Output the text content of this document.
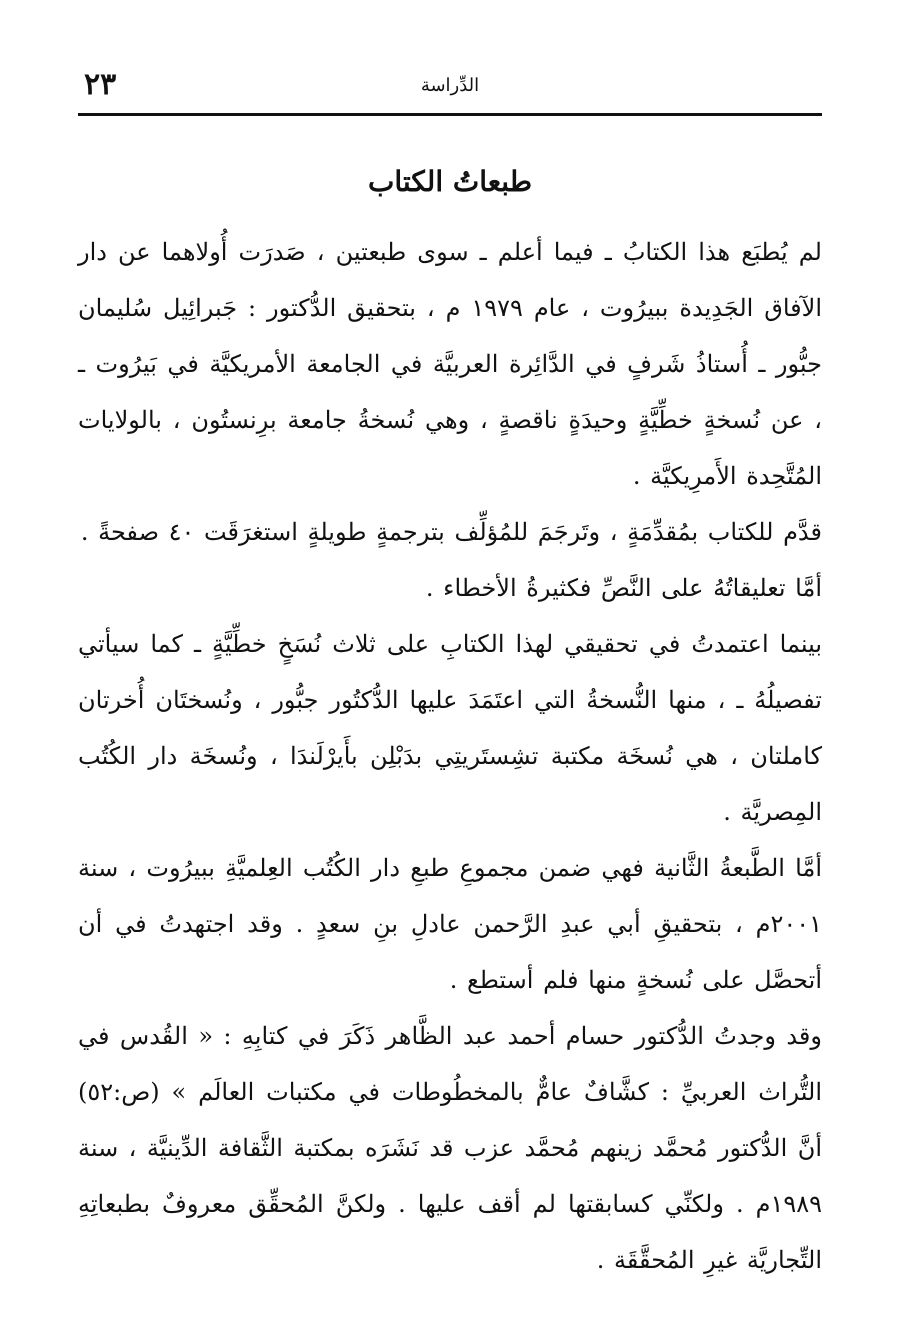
٢٣	الدِّراسة
طبعاتُ الكتاب

لم يُطبَع هذا الكتابُ ـ فيما أعلم ـ سوى طبعتين ، صَدرَت أُولاهما عن دار الآفاق الجَدِيدة ببيرُوت ، عام ١٩٧٩ م ، بتحقيق الدُّكتور : جَبرائِيل سُليمان جبُّور ـ أُستاذُ شَرفٍ في الدَّائِرة العربيَّة في الجامعة الأمريكيَّة في بَيرُوت ـ ، عن نُسخةٍ خطِّيَّةٍ وحيدَةٍ ناقصةٍ ، وهي نُسخةُ جامعة برِنستُون ، بالولايات المُتَّحِدة الأَمرِيكيَّة .

قدَّم للكتاب بمُقدِّمَةٍ ، وتَرجَمَ للمُؤلِّف بترجمةٍ طويلةٍ استغرَقَت ٤٠ صفحةً .

أمَّا تعليقاتُهُ على النَّصِّ فكثيرةُ الأخطاء .

بينما اعتمدتُ في تحقيقي لهذا الكتابِ على ثلاث نُسَخٍ خطِّيَّةٍ ـ كما سيأتي تفصيلُهُ ـ ، منها النُّسخةُ التي اعتَمَدَ عليها الدُّكتُور جبُّور ، ونُسختَان أُخرتان كاملتان ، هي نُسخَة مكتبة تشِستَريتِي بدَبْلِن بأَيرْلَندَا ، ونُسخَة دار الكُتُب المِصريَّة .

أمَّا الطَّبعةُ الثَّانية فهي ضمن مجموعِ طبعِ دار الكُتُب العِلميَّةِ ببيرُوت ، سنة ٢٠٠١م ، بتحقيقِ أبي عبدِ الرَّحمن عادلِ بنِ سعدٍ . وقد اجتهدتُ في أن أتحصَّل على نُسخةٍ منها فلم أستطع .

وقد وجدتُ الدُّكتور حسام أحمد عبد الظَّاهر ذَكَرَ في كتابِهِ : « القُدس في التُّراث العربيِّ : كشَّافٌ عامٌّ بالمخطُوطات في مكتبات العالَم » (ص:٥٢) أنَّ الدُّكتور مُحمَّد زينهم مُحمَّد عزب قد نَشَرَه بمكتبة الثَّقافة الدِّينيَّة ، سنة ١٩٨٩م . ولكنِّي كسابقتها لم أقف عليها . ولكنَّ المُحقِّق معروفٌ بطبعاتِهِ التِّجاريَّة غيرِ المُحقَّقَة .
